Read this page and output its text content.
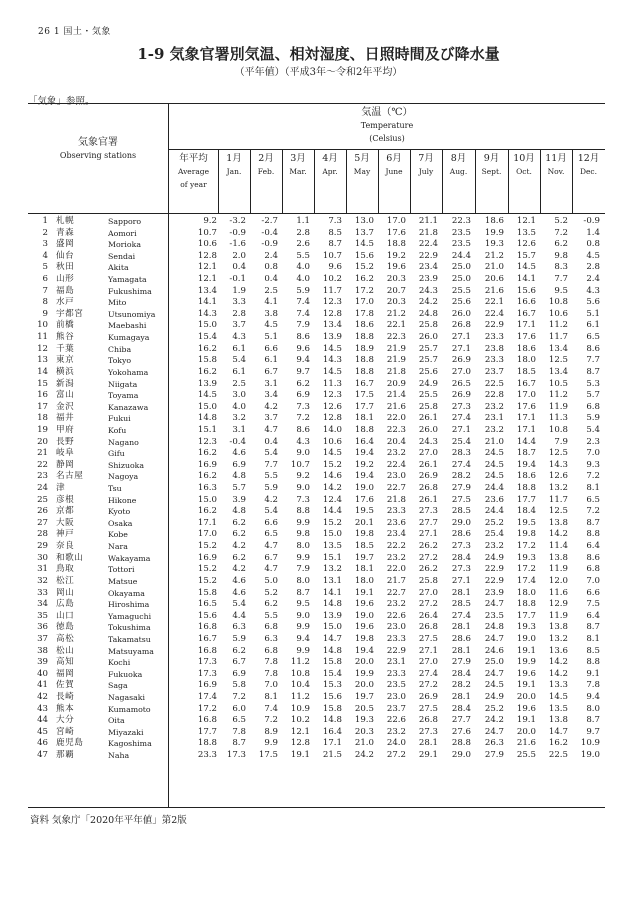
26 1 国土・気象
1-9 気象官署別気温、相対湿度、日照時間及び降水量
（平年値）（平成3年～令和2年平均）
「気象」参照。
気象官署
Observing stations
気温（℃）
Temperature
(Celsius)
年平均
Average
of year
1月
Jan.
2月
Feb.
3月
Mar.
4月
Apr.
5月
May
6月
June
7月
July
8月
Aug.
9月
Sept.
10月
Oct.
11月
Nov.
12月
Dec.
1 札幌	Sapporo	9.2	-3.2	-2.7	1.1	7.3	13.0	17.0	21.1	22.3	18.6	12.1	5.2	-0.9
2 青森	Aomori	10.7	-0.9	-0.4	2.8	8.5	13.7	17.6	21.8	23.5	19.9	13.5	7.2	1.4
3 盛岡	Morioka	10.6	-1.6	-0.9	2.6	8.7	14.5	18.8	22.4	23.5	19.3	12.6	6.2	0.8
4 仙台	Sendai	12.8	2.0	2.4	5.5	10.7	15.6	19.2	22.9	24.4	21.2	15.7	9.8	4.5
5 秋田	Akita	12.1	0.4	0.8	4.0	9.6	15.2	19.6	23.4	25.0	21.0	14.5	8.3	2.8
6 山形	Yamagata	12.1	-0.1	0.4	4.0	10.2	16.2	20.3	23.9	25.0	20.6	14.1	7.7	2.4
7 福島	Fukushima	13.4	1.9	2.5	5.9	11.7	17.2	20.7	24.3	25.5	21.6	15.6	9.5	4.3
8 水戸	Mito	14.1	3.3	4.1	7.4	12.3	17.0	20.3	24.2	25.6	22.1	16.6	10.8	5.6
9 宇都宮	Utsunomiya	14.3	2.8	3.8	7.4	12.8	17.8	21.2	24.8	26.0	22.4	16.7	10.6	5.1
10 前橋	Maebashi	15.0	3.7	4.5	7.9	13.4	18.6	22.1	25.8	26.8	22.9	17.1	11.2	6.1
11 熊谷	Kumagaya	15.4	4.3	5.1	8.6	13.9	18.8	22.3	26.0	27.1	23.3	17.6	11.7	6.5
12 千葉	Chiba	16.2	6.1	6.6	9.6	14.5	18.9	21.9	25.7	27.1	23.8	18.6	13.4	8.6
13 東京	Tokyo	15.8	5.4	6.1	9.4	14.3	18.8	21.9	25.7	26.9	23.3	18.0	12.5	7.7
14 横浜	Yokohama	16.2	6.1	6.7	9.7	14.5	18.8	21.8	25.6	27.0	23.7	18.5	13.4	8.7
15 新潟	Niigata	13.9	2.5	3.1	6.2	11.3	16.7	20.9	24.9	26.5	22.5	16.7	10.5	5.3
16 富山	Toyama	14.5	3.0	3.4	6.9	12.3	17.5	21.4	25.5	26.9	22.8	17.0	11.2	5.7
17 金沢	Kanazawa	15.0	4.0	4.2	7.3	12.6	17.7	21.6	25.8	27.3	23.2	17.6	11.9	6.8
18 福井	Fukui	14.8	3.2	3.7	7.2	12.8	18.1	22.0	26.1	27.4	23.1	17.1	11.3	5.9
19 甲府	Kofu	15.1	3.1	4.7	8.6	14.0	18.8	22.3	26.0	27.1	23.2	17.1	10.8	5.4
20 長野	Nagano	12.3	-0.4	0.4	4.3	10.6	16.4	20.4	24.3	25.4	21.0	14.4	7.9	2.3
21 岐阜	Gifu	16.2	4.6	5.4	9.0	14.5	19.4	23.2	27.0	28.3	24.5	18.7	12.5	7.0
22 静岡	Shizuoka	16.9	6.9	7.7	10.7	15.2	19.2	22.4	26.1	27.4	24.5	19.4	14.3	9.3
23 名古屋	Nagoya	16.2	4.8	5.5	9.2	14.6	19.4	23.0	26.9	28.2	24.5	18.6	12.6	7.2
24 津	Tsu	16.3	5.7	5.9	9.0	14.2	19.0	22.7	26.8	27.9	24.4	18.8	13.2	8.1
25 彦根	Hikone	15.0	3.9	4.2	7.3	12.4	17.6	21.8	26.1	27.5	23.6	17.7	11.7	6.5
26 京都	Kyoto	16.2	4.8	5.4	8.8	14.4	19.5	23.3	27.3	28.5	24.4	18.4	12.5	7.2
27 大阪	Osaka	17.1	6.2	6.6	9.9	15.2	20.1	23.6	27.7	29.0	25.2	19.5	13.8	8.7
28 神戸	Kobe	17.0	6.2	6.5	9.8	15.0	19.8	23.4	27.1	28.6	25.4	19.8	14.2	8.8
29 奈良	Nara	15.2	4.2	4.7	8.0	13.5	18.5	22.2	26.2	27.3	23.2	17.2	11.4	6.4
30 和歌山	Wakayama	16.9	6.2	6.7	9.9	15.1	19.7	23.2	27.2	28.4	24.9	19.3	13.8	8.6
31 鳥取	Tottori	15.2	4.2	4.7	7.9	13.2	18.1	22.0	26.2	27.3	22.9	17.2	11.9	6.8
32 松江	Matsue	15.2	4.6	5.0	8.0	13.1	18.0	21.7	25.8	27.1	22.9	17.4	12.0	7.0
33 岡山	Okayama	15.8	4.6	5.2	8.7	14.1	19.1	22.7	27.0	28.1	23.9	18.0	11.6	6.6
34 広島	Hiroshima	16.5	5.4	6.2	9.5	14.8	19.6	23.2	27.2	28.5	24.7	18.8	12.9	7.5
35 山口	Yamaguchi	15.6	4.4	5.5	9.0	13.9	19.0	22.6	26.4	27.4	23.5	17.7	11.9	6.4
36 徳島	Tokushima	16.8	6.3	6.8	9.9	15.0	19.6	23.0	26.8	28.1	24.8	19.3	13.8	8.7
37 高松	Takamatsu	16.7	5.9	6.3	9.4	14.7	19.8	23.3	27.5	28.6	24.7	19.0	13.2	8.1
38 松山	Matsuyama	16.8	6.2	6.8	9.9	14.8	19.4	22.9	27.1	28.1	24.6	19.1	13.6	8.5
39 高知	Kochi	17.3	6.7	7.8	11.2	15.8	20.0	23.1	27.0	27.9	25.0	19.9	14.2	8.8
40 福岡	Fukuoka	17.3	6.9	7.8	10.8	15.4	19.9	23.3	27.4	28.4	24.7	19.6	14.2	9.1
41 佐賀	Saga	16.9	5.8	7.0	10.4	15.3	20.0	23.5	27.2	28.2	24.5	19.1	13.3	7.8
42 長崎	Nagasaki	17.4	7.2	8.1	11.2	15.6	19.7	23.0	26.9	28.1	24.9	20.0	14.5	9.4
43 熊本	Kumamoto	17.2	6.0	7.4	10.9	15.8	20.5	23.7	27.5	28.4	25.2	19.6	13.5	8.0
44 大分	Oita	16.8	6.5	7.2	10.2	14.8	19.3	22.6	26.8	27.7	24.2	19.1	13.8	8.7
45 宮崎	Miyazaki	17.7	7.8	8.9	12.1	16.4	20.3	23.2	27.3	27.6	24.7	20.0	14.7	9.7
46 鹿児島	Kagoshima	18.8	8.7	9.9	12.8	17.1	21.0	24.0	28.1	28.8	26.3	21.6	16.2	10.9
47 那覇	Naha	23.3	17.3	17.5	19.1	21.5	24.2	27.2	29.1	29.0	27.9	25.5	22.5	19.0
資料 気象庁「2020年平年値」第2版
